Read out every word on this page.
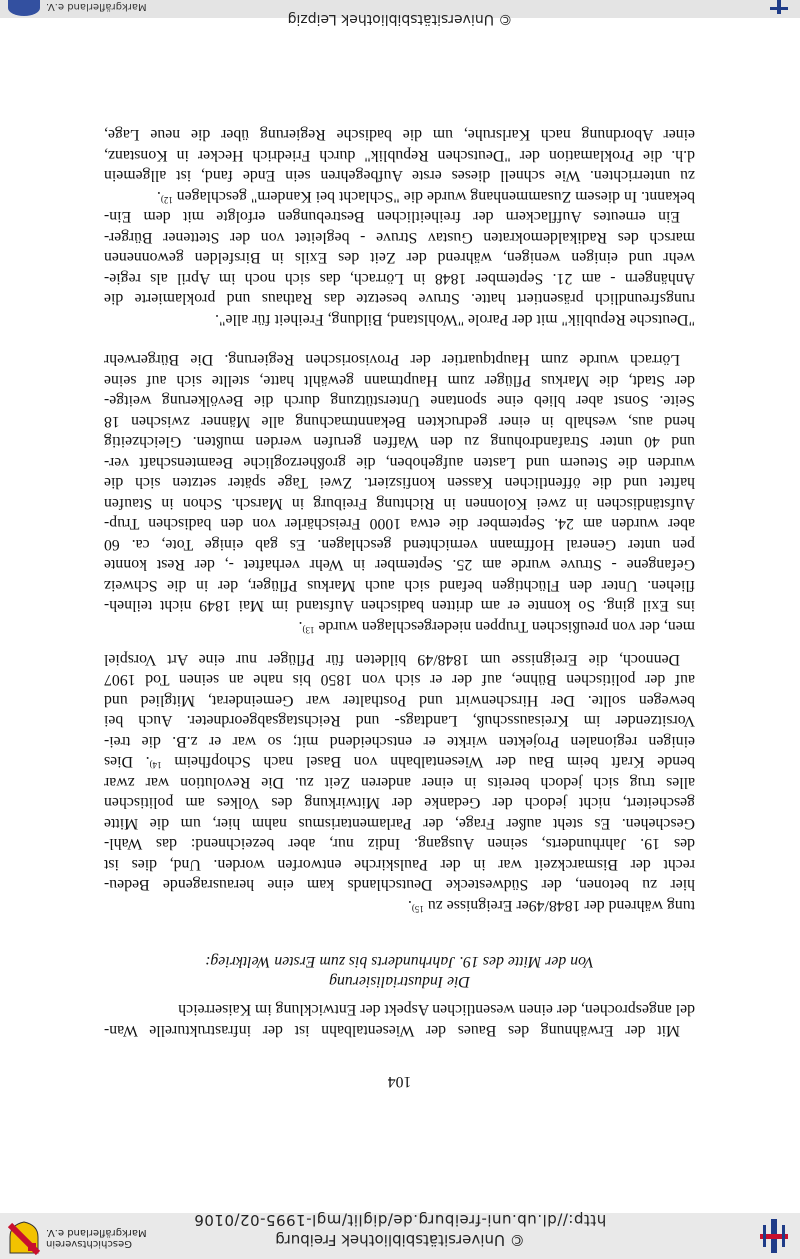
© Universitätsbibliothek Freiburg
http://dl.ub.uni-freiburg.de/diglit/mgl-1995-02/0106
Geschichtsverein
Markgräflerland e.V.
104
Mit der Erwähnung des Baues der Wiesentalbahn ist der infrastrukturelle Wan-
del angesprochen, der einen wesentlichen Aspekt der Entwicklung im Kaiserreich
Die Industrialisierung
Von der Mitte des 19. Jahrhunderts bis zum Ersten Weltkrieg:
tung während der 1848/49er Ereignisse zu $^{15)}$.
hier zu betonen, der Südwestecke Deutschlands kam eine herausragende Bedeu-
recht der Bismarckzeit war in der Paulskirche entworfen worden. Und, dies ist
des 19. Jahrhunderts, seinen Ausgang. Indiz nur, aber bezeichnend: das Wahl-
Geschehen. Es steht außer Frage, der Parlamentarismus nahm hier, um die Mitte
gescheitert, nicht jedoch der Gedanke der Mitwirkung des Volkes am politischen
alles trug sich jedoch bereits in einer anderen Zeit zu. Die Revolution war zwar
bende Kraft beim Bau der Wiesentalbahn von Basel nach Schopfheim $^{14)}$. Dies
einigen regionalen Projekten wirkte er entscheidend mit; so war er z.B. die trei-
Vorsitzender im Kreisausschuß, Landtags- und Reichstagsabgeordneter. Auch bei
bewegen sollte. Der Hirschenwirt und Posthalter war Gemeinderat, Mitglied und
auf der politischen Bühne, auf der er sich von 1850 bis nahe an seinen Tod 1907
Dennoch, die Ereignisse um 1848/49 bildeten für Pflüger nur eine Art Vorspiel
men, der von preußischen Truppen niedergeschlagen wurde $^{13)}$.
ins Exil ging. So konnte er am dritten badischen Aufstand im Mai 1849 nicht teilneh-
fliehen. Unter den Flüchtigen befand sich auch Markus Pflüger, der in die Schweiz
Gefangene - Struve wurde am 25. September in Wehr verhaftet -, der Rest konnte
pen unter General Hoffmann vernichtend geschlagen. Es gab einige Tote, ca. 60
aber wurden am 24. September die etwa 1000 Freischärler von den badischen Trup-
Aufständischen in zwei Kolonnen in Richtung Freiburg in Marsch. Schon in Staufen
haftet und die öffentlichen Kassen konfisziert. Zwei Tage später setzten sich die
wurden die Steuern und Lasten aufgehoben, die großherzogliche Beamtenschaft ver-
und 40 unter Strafandrohung zu den Waffen gerufen werden mußten. Gleichzeitig
hend aus, weshalb in einer gedruckten Bekanntmachung alle Männer zwischen 18
Seite. Sonst aber blieb eine spontane Unterstützung durch die Bevölkerung weitge-
der Stadt, die Markus Pflüger zum Hauptmann gewählt hatte, stellte sich auf seine
Lörrach wurde zum Hauptquartier der Provisorischen Regierung. Die Bürgerwehr
"Deutsche Republik" mit der Parole "Wohlstand, Bildung, Freiheit für alle".
rungsfreundlich präsentiert hatte. Struve besetzte das Rathaus und proklamierte die
Anhängern - am 21. September 1848 in Lörrach, das sich noch im April als regie-
wehr und einigen wenigen, während der Zeit des Exils in Birsfelden gewonnenen
marsch des Radikaldemokraten Gustav Struve - begleitet von der Stettener Bürger-
Ein erneutes Aufflackern der freiheitlichen Bestrebungen erfolgte mit dem Ein-
bekannt. In diesem Zusammenhang wurde die "Schlacht bei Kandern" geschlagen $^{12)}$.
zu unterrichten. Wie schnell dieses erste Aufbegehren sein Ende fand, ist allgemein
d.h. die Proklamation der "Deutschen Republik" durch Friedrich Hecker in Konstanz,
einer Abordnung nach Karlsruhe, um die badische Regierung über die neue Lage,
© Universitätsbibliothek Leipzig
Markgräflerland e.V.
